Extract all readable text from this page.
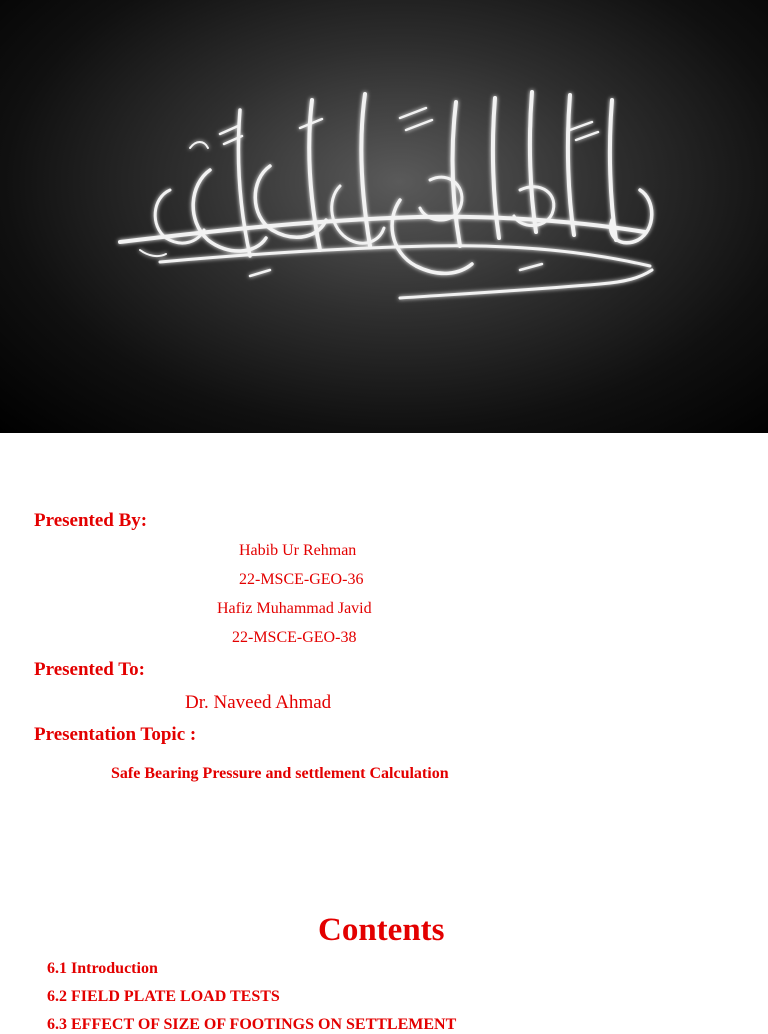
Presented By:
Habib Ur Rehman
22-MSCE-GEO-36
Hafiz Muhammad Javid
22-MSCE-GEO-38
Presented To:
Dr. Naveed Ahmad
Presentation Topic :
Safe Bearing Pressure and settlement Calculation
Contents
6.1 Introduction
6.2 FIELD PLATE LOAD TESTS
6.3 EFFECT OF SIZE OF FOOTINGS ON SETTLEMENT
